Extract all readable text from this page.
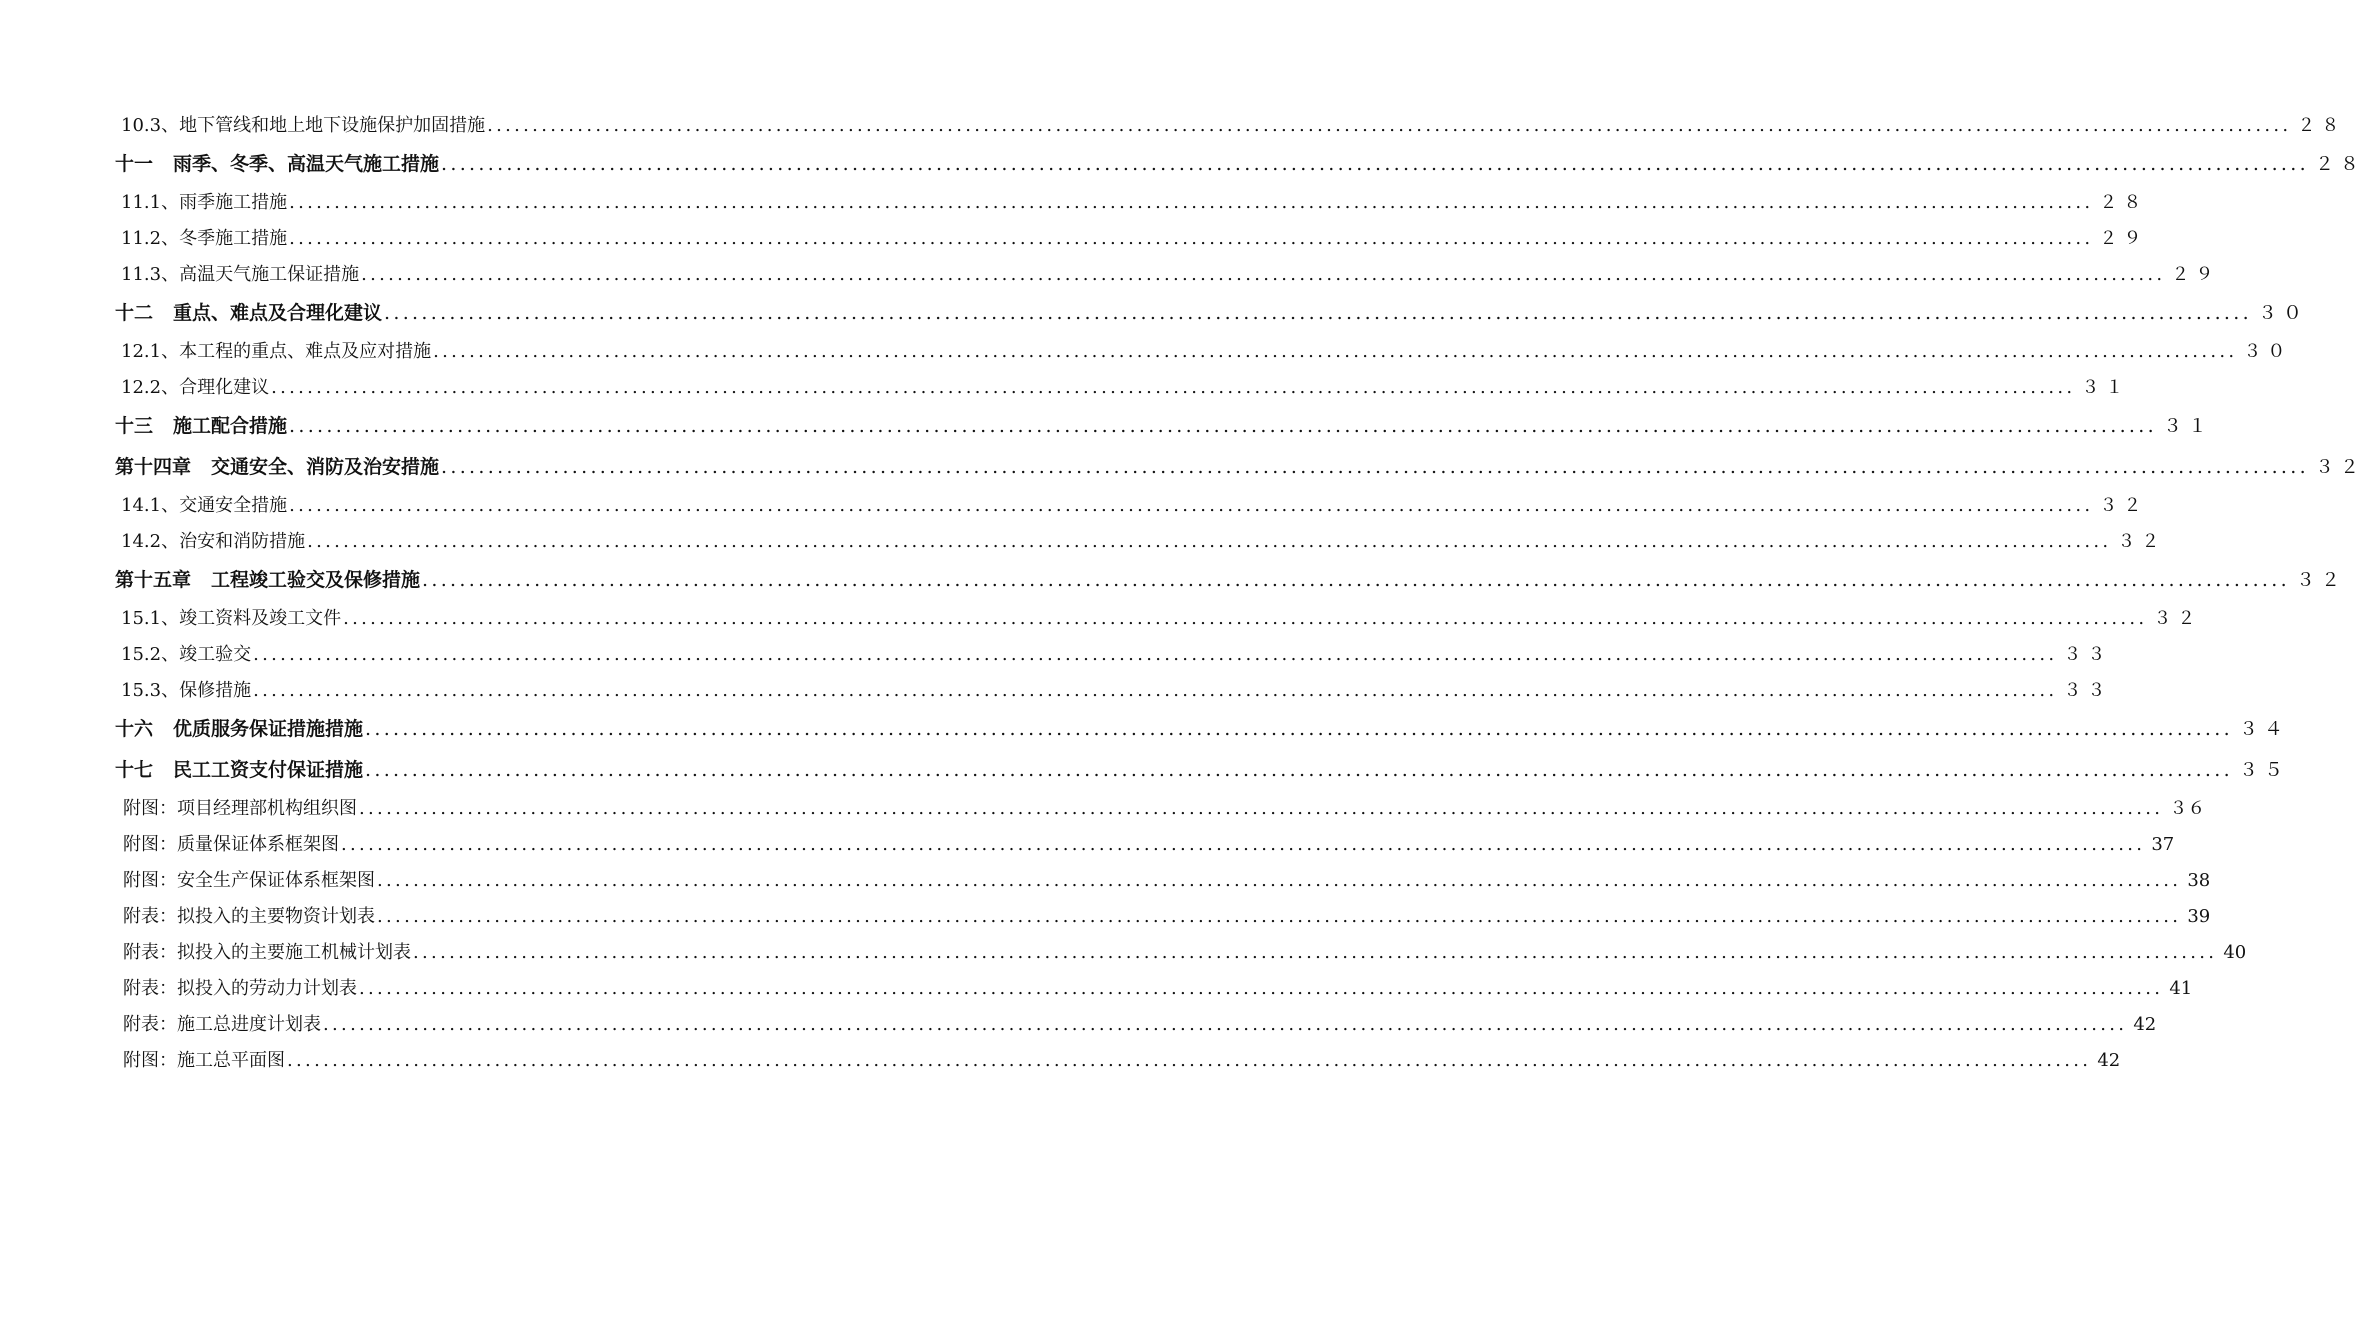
10.3、地下管线和地上地下设施保护加固措施 ........................................................................................................................................................................................................ ２８
十一 雨季、冬季、高温天气施工措施 ........................................................................................................................................................................................................ ２８
11.1、雨季施工措施 ........................................................................................................................................................................................................ ２８
11.2、冬季施工措施 ........................................................................................................................................................................................................ ２９
11.3、高温天气施工保证措施 ........................................................................................................................................................................................................ ２９
十二 重点、难点及合理化建议 ........................................................................................................................................................................................................ ３０
12.1、本工程的重点、难点及应对措施 ........................................................................................................................................................................................................ ３０
12.2、合理化建议 ........................................................................................................................................................................................................ ３１
十三 施工配合措施 ........................................................................................................................................................................................................ ３１
第十四章 交通安全、消防及治安措施 ........................................................................................................................................................................................................ ３２
14.1、交通安全措施 ........................................................................................................................................................................................................ ３２
14.2、治安和消防措施 ........................................................................................................................................................................................................ ３２
第十五章 工程竣工验交及保修措施 ........................................................................................................................................................................................................ ３２
15.1、竣工资料及竣工文件 ........................................................................................................................................................................................................ ３２
15.2、竣工验交 ........................................................................................................................................................................................................ ３３
15.3、保修措施 ........................................................................................................................................................................................................ ３３
十六 优质服务保证措施措施 ........................................................................................................................................................................................................ ３４
十七 民工工资支付保证措施 ........................................................................................................................................................................................................ ３５
附图：项目经理部机构组织图 ........................................................................................................................................................................................................ ３６
附图：质量保证体系框架图 ........................................................................................................................................................................................................ 37
附图：安全生产保证体系框架图 ........................................................................................................................................................................................................ 38
附表：拟投入的主要物资计划表 ........................................................................................................................................................................................................ 39
附表：拟投入的主要施工机械计划表 ........................................................................................................................................................................................................ 40
附表：拟投入的劳动力计划表 ........................................................................................................................................................................................................ 41
附表：施工总进度计划表 ........................................................................................................................................................................................................ 42
附图：施工总平面图 ........................................................................................................................................................................................................ 42
